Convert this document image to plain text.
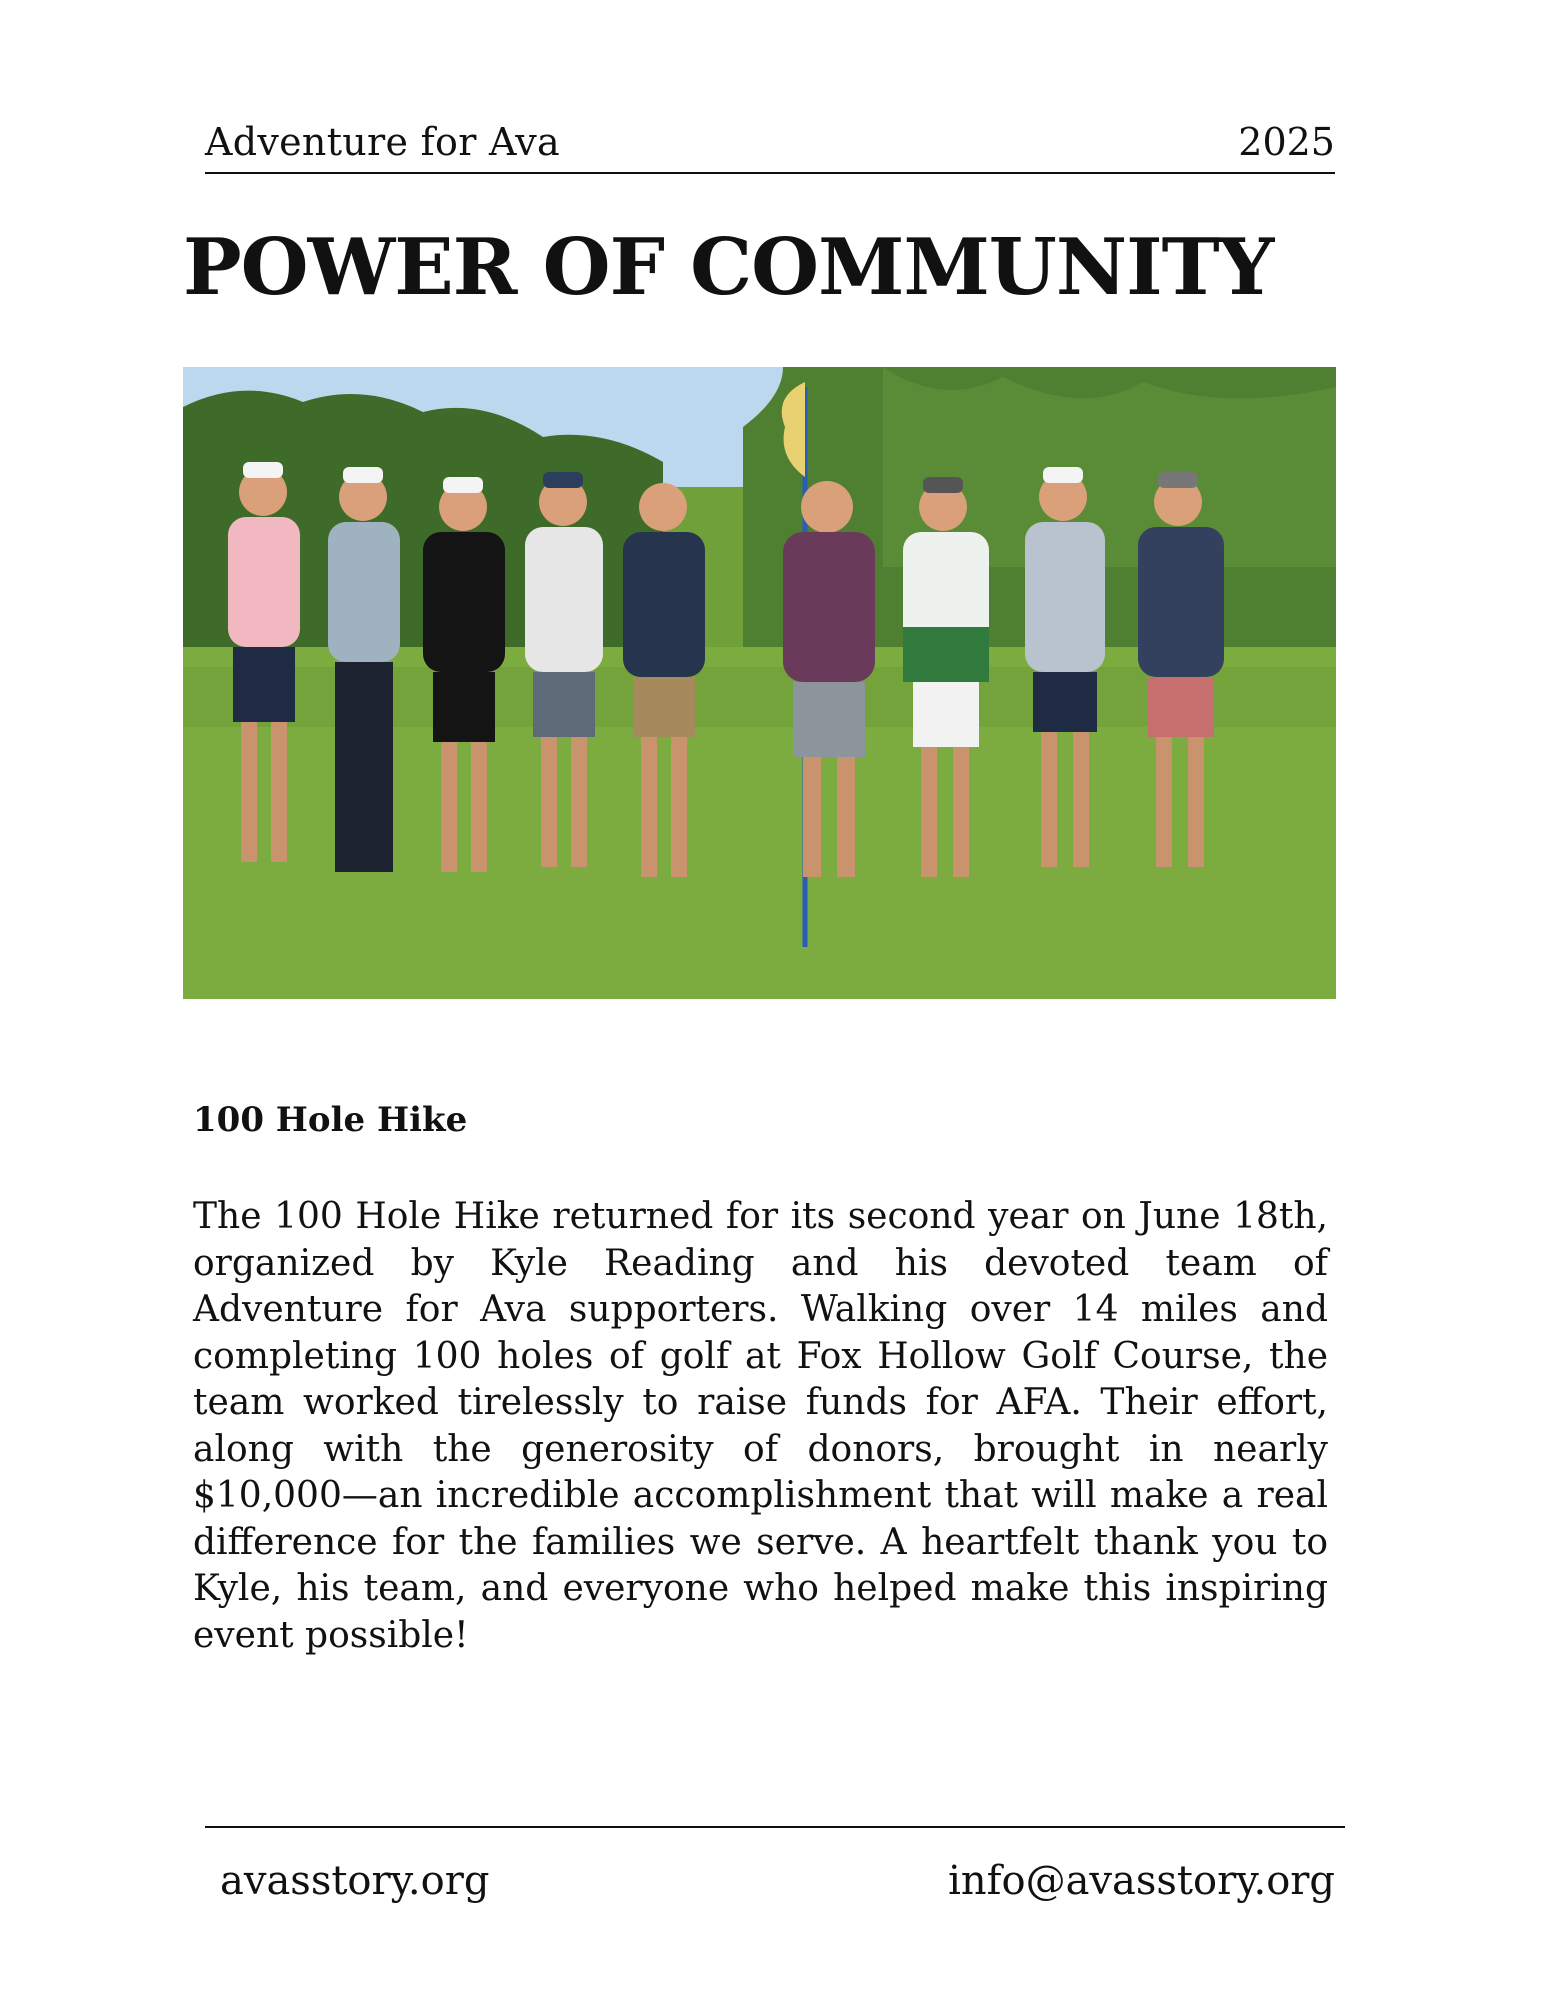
Adventure for Ava	2025
POWER OF COMMUNITY
100 Hole Hike

The 100 Hole Hike returned for its second year on June 18th, organized by Kyle Reading and his devoted team of Adventure for Ava supporters. Walking over 14 miles and completing 100 holes of golf at Fox Hollow Golf Course, the team worked tirelessly to raise funds for AFA. Their effort, along with the generosity of donors, brought in nearly $10,000—an incredible accomplishment that will make a real difference for the families we serve. A heartfelt thank you to Kyle, his team, and everyone who helped make this inspiring event possible!

avasstory.org	info@avasstory.org
